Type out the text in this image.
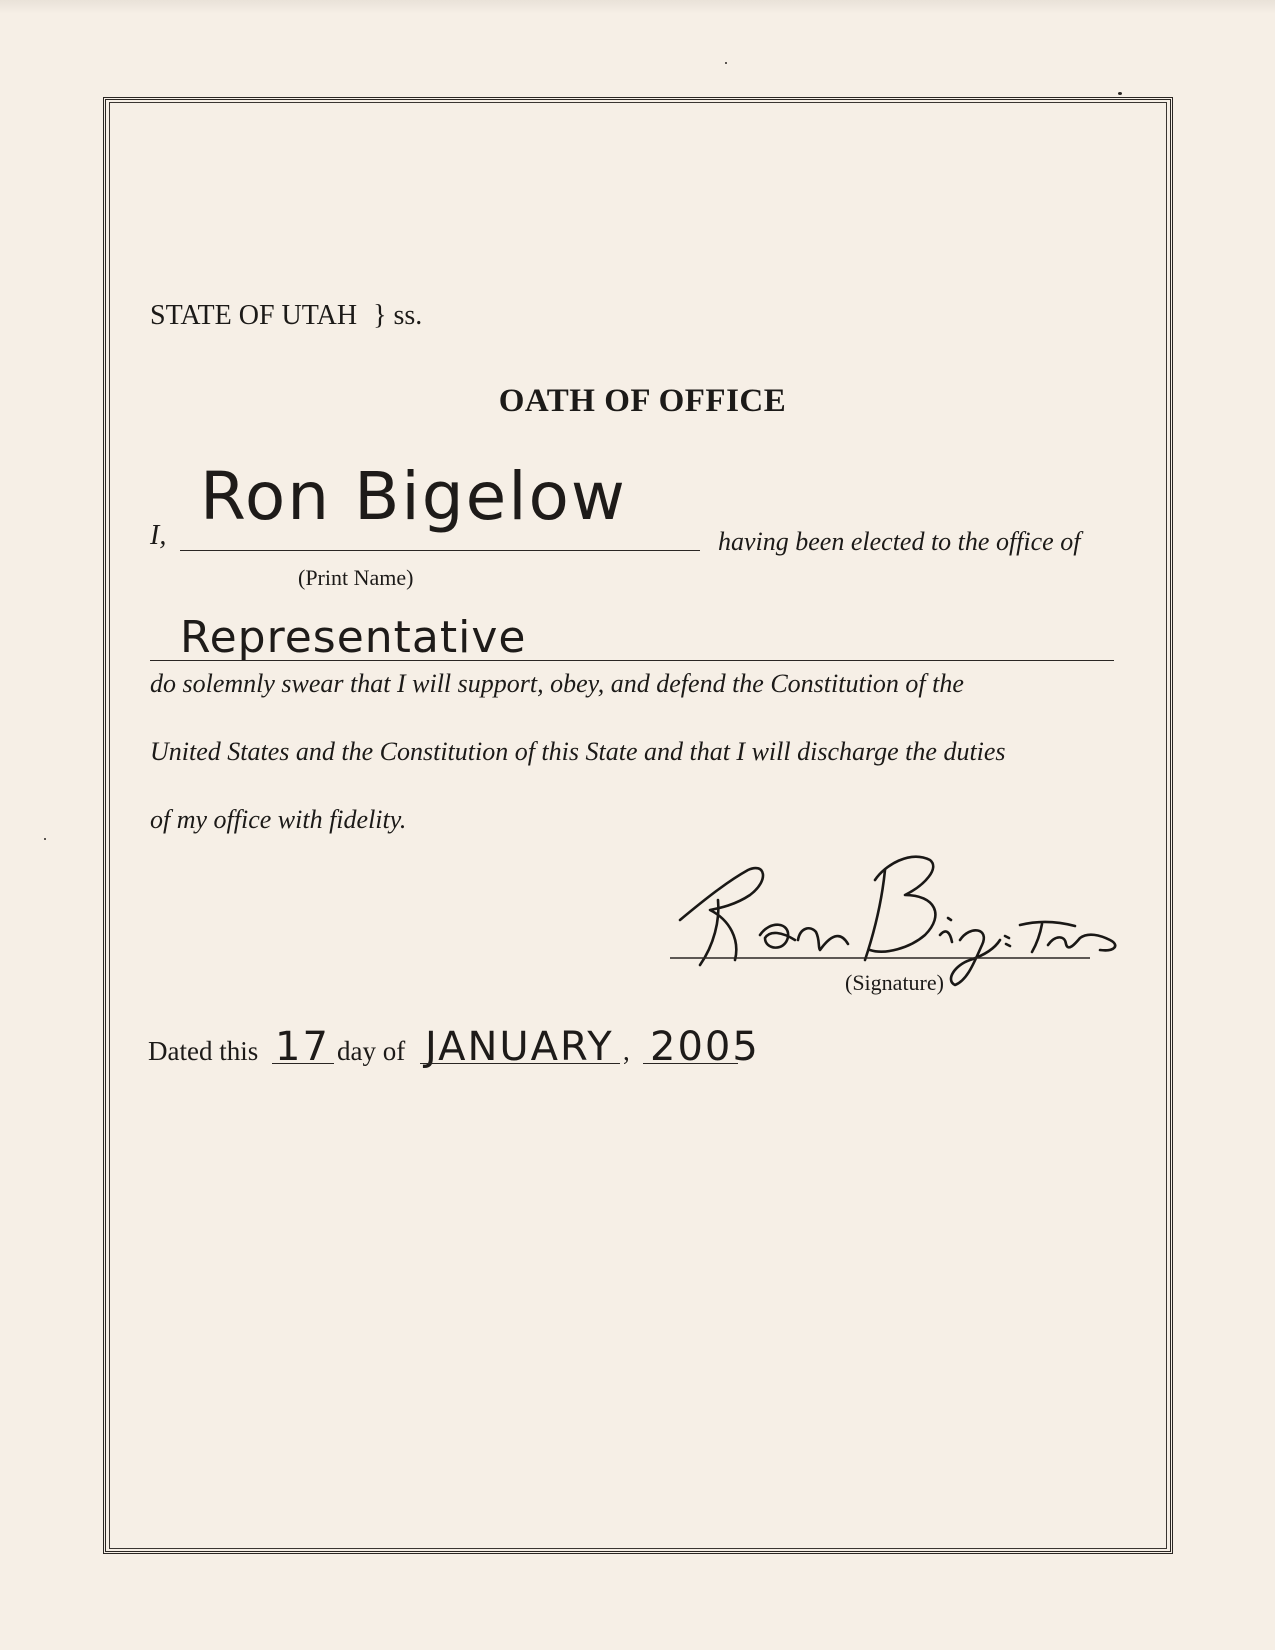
STATE OF UTAH } ss.
OATH OF OFFICE
I,
Ron Bigelow
having been elected to the office of
(Print Name)
Representative
do solemnly swear that I will support, obey, and defend the Constitution of the
United States and the Constitution of this State and that I will discharge the duties
of my office with fidelity.
(Signature)
Dated this 17 day of JANUARY , 2005
